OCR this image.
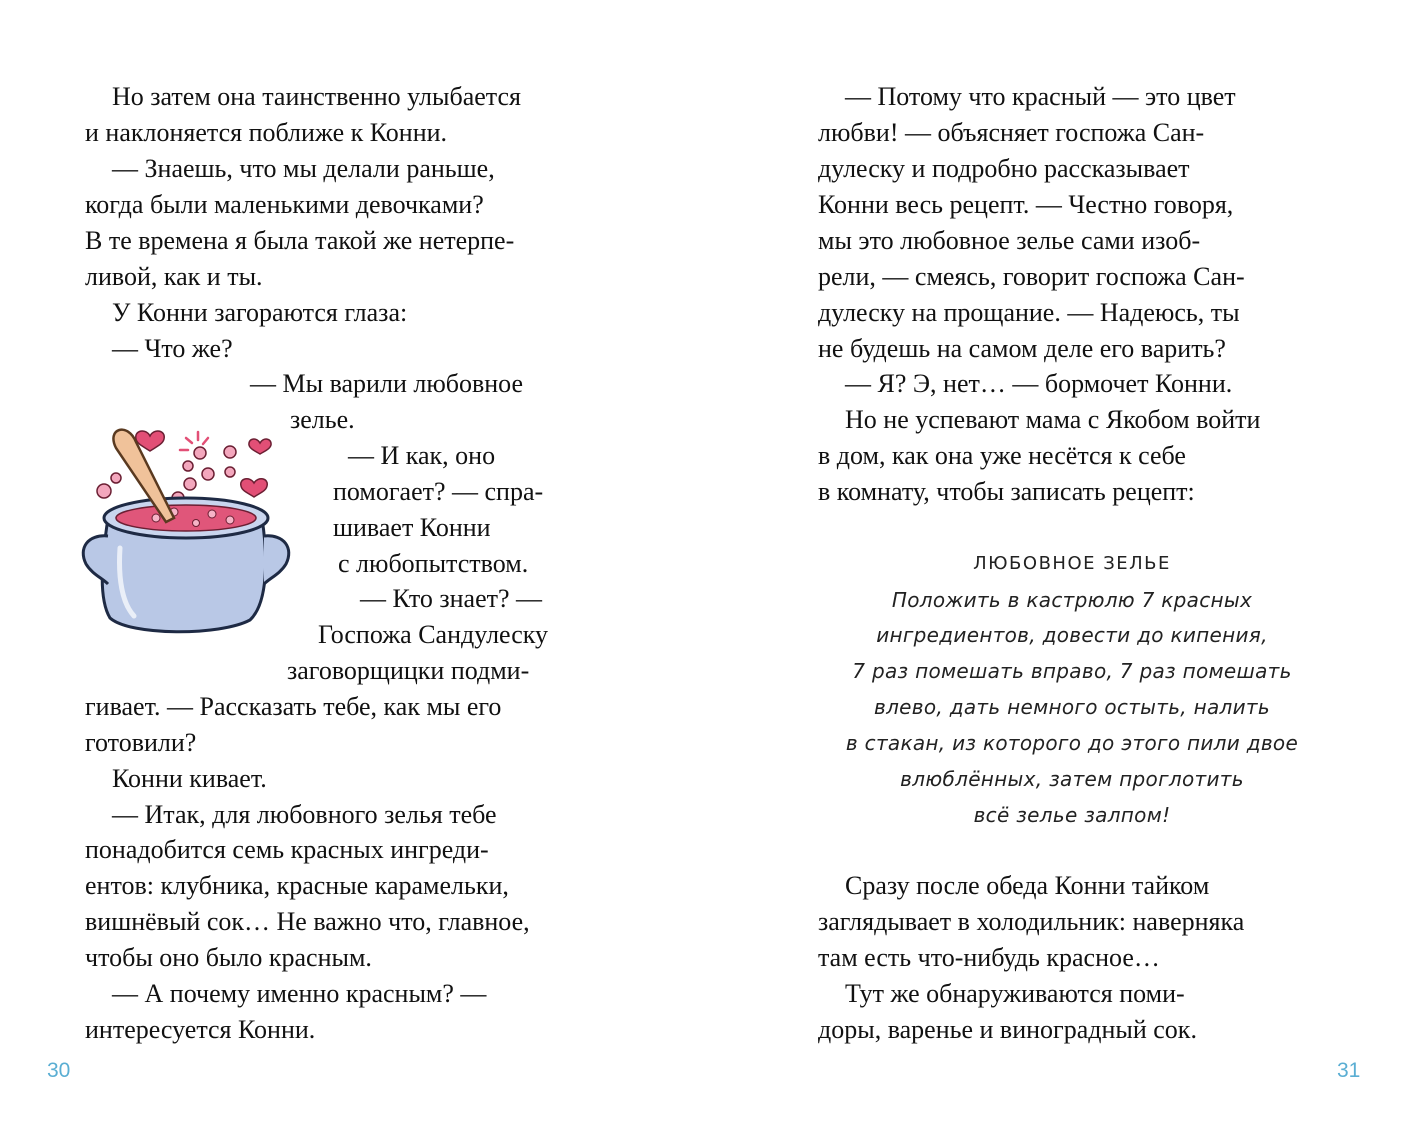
Но затем она таинственно улыбается
и наклоняется поближе к Конни.
— Знаешь, что мы делали раньше,
когда были маленькими девочками?
В те времена я была такой же нетерпе-
ливой, как и ты.
У Конни загораются глаза:
— Что же?
— Мы варили любовное
зелье.
— И как, оно
помогает? — спра-
шивает Конни
с любопытством.
— Кто знает? —
Госпожа Сандулеску
заговорщицки подми-
гивает. — Рассказать тебе, как мы его
готовили?
Конни кивает.
— Итак, для любовного зелья тебе
понадобится семь красных ингреди-
ентов: клубника, красные карамельки,
вишнёвый сок… Не важно что, главное,
чтобы оно было красным.
— А почему именно красным? —
интересуется Конни.
30
— Потому что красный — это цвет
любви! — объясняет госпожа Сан-
дулеску и подробно рассказывает
Конни весь рецепт. — Честно говоря,
мы это любовное зелье сами изоб-
рели, — смеясь, говорит госпожа Сан-
дулеску на прощание. — Надеюсь, ты
не будешь на самом деле его варить?
— Я? Э, нет… — бормочет Конни.
Но не успевают мама с Якобом войти
в дом, как она уже несётся к себе
в комнату, чтобы записать рецепт:
ЛЮБОВНОЕ ЗЕЛЬЕ
Положить в кастрюлю 7 красных
ингредиентов, довести до кипения,
7 раз помешать вправо, 7 раз помешать
влево, дать немного остыть, налить
в стакан, из которого до этого пили двое
влюблённых, затем проглотить
всё зелье залпом!
Сразу после обеда Конни тайком
заглядывает в холодильник: наверняка
там есть что-нибудь красное…
Тут же обнаруживаются поми-
доры, варенье и виноградный сок.
31
